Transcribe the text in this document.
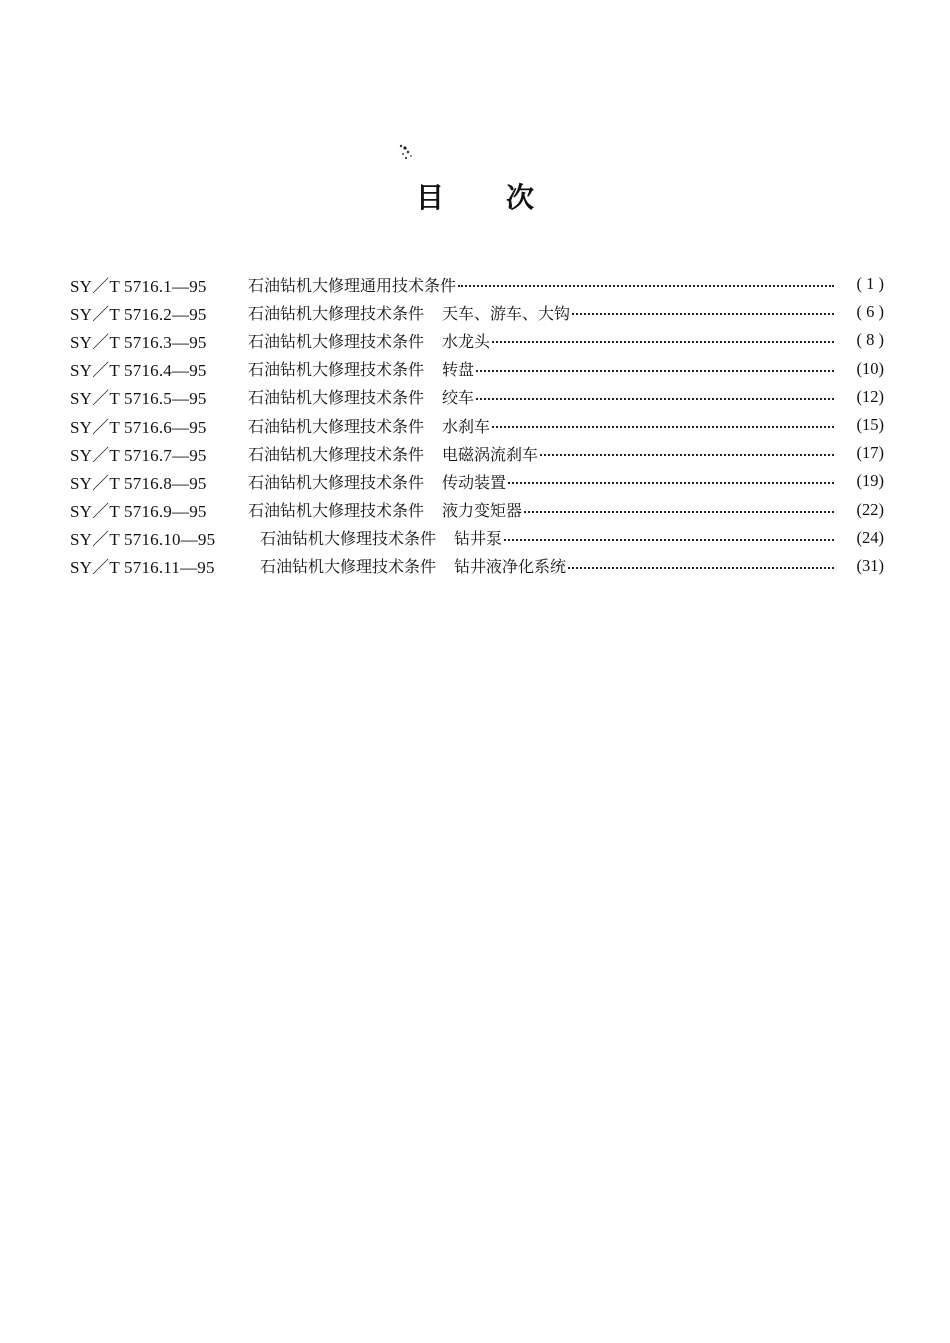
目 次
SY／T 5716.1—95	石油钻机大修理通用技术条件	( 1 )
SY／T 5716.2—95	石油钻机大修理技术条件 天车、游车、大钩	( 6 )
SY／T 5716.3—95	石油钻机大修理技术条件 水龙头	( 8 )
SY／T 5716.4—95	石油钻机大修理技术条件 转盘	(10)
SY／T 5716.5—95	石油钻机大修理技术条件 绞车	(12)
SY／T 5716.6—95	石油钻机大修理技术条件 水刹车	(15)
SY／T 5716.7—95	石油钻机大修理技术条件 电磁涡流刹车	(17)
SY／T 5716.8—95	石油钻机大修理技术条件 传动装置	(19)
SY／T 5716.9—95	石油钻机大修理技术条件 液力变矩器	(22)
SY／T 5716.10—95	石油钻机大修理技术条件 钻井泵	(24)
SY／T 5716.11—95	石油钻机大修理技术条件 钻井液净化系统	(31)
